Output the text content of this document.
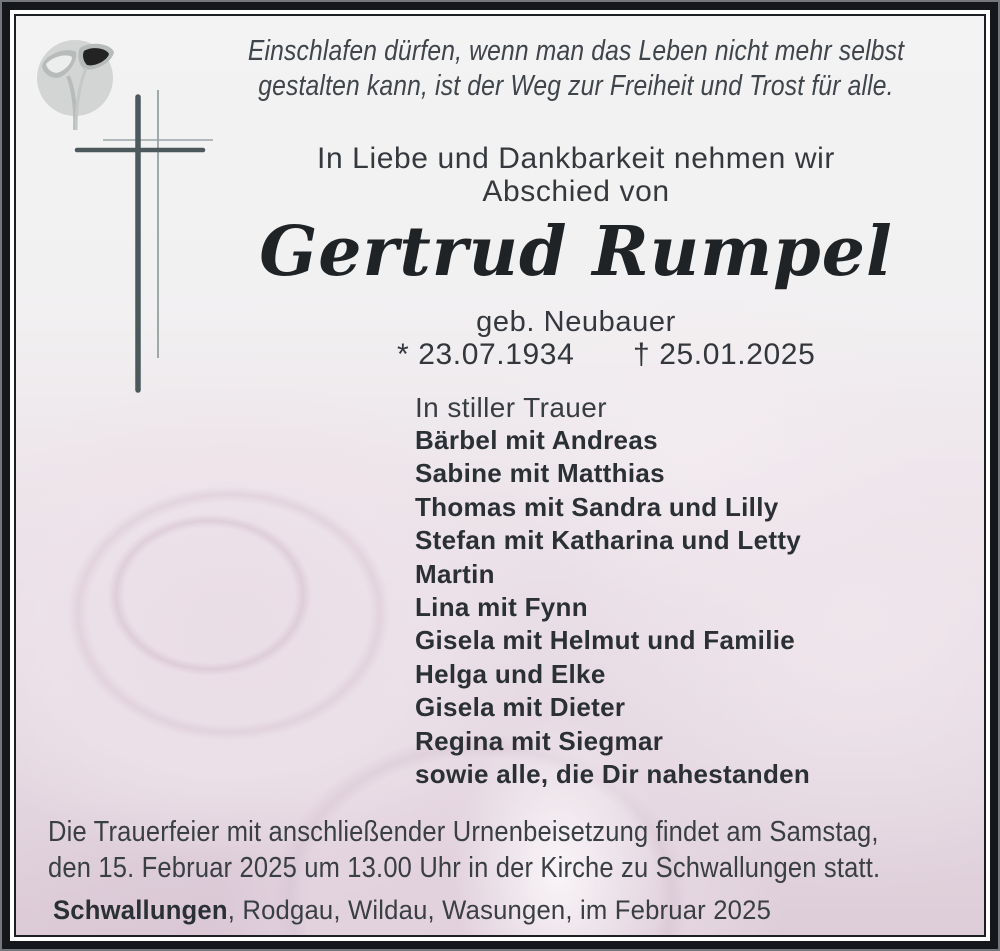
Einschlafen dürfen, wenn man das Leben nicht mehr selbst
gestalten kann, ist der Weg zur Freiheit und Trost für alle.
In Liebe und Dankbarkeit nehmen wir
Abschied von
Gertrud Rumpel
geb. Neubauer
* 23.07.1934 † 25.01.2025
In stiller Trauer
Bärbel mit Andreas
Sabine mit Matthias
Thomas mit Sandra und Lilly
Stefan mit Katharina und Letty
Martin
Lina mit Fynn
Gisela mit Helmut und Familie
Helga und Elke
Gisela mit Dieter
Regina mit Siegmar
sowie alle, die Dir nahestanden
Die Trauerfeier mit anschließender Urnenbeisetzung findet am Samstag,
den 15. Februar 2025 um 13.00 Uhr in der Kirche zu Schwallungen statt.
Schwallungen, Rodgau, Wildau, Wasungen, im Februar 2025
